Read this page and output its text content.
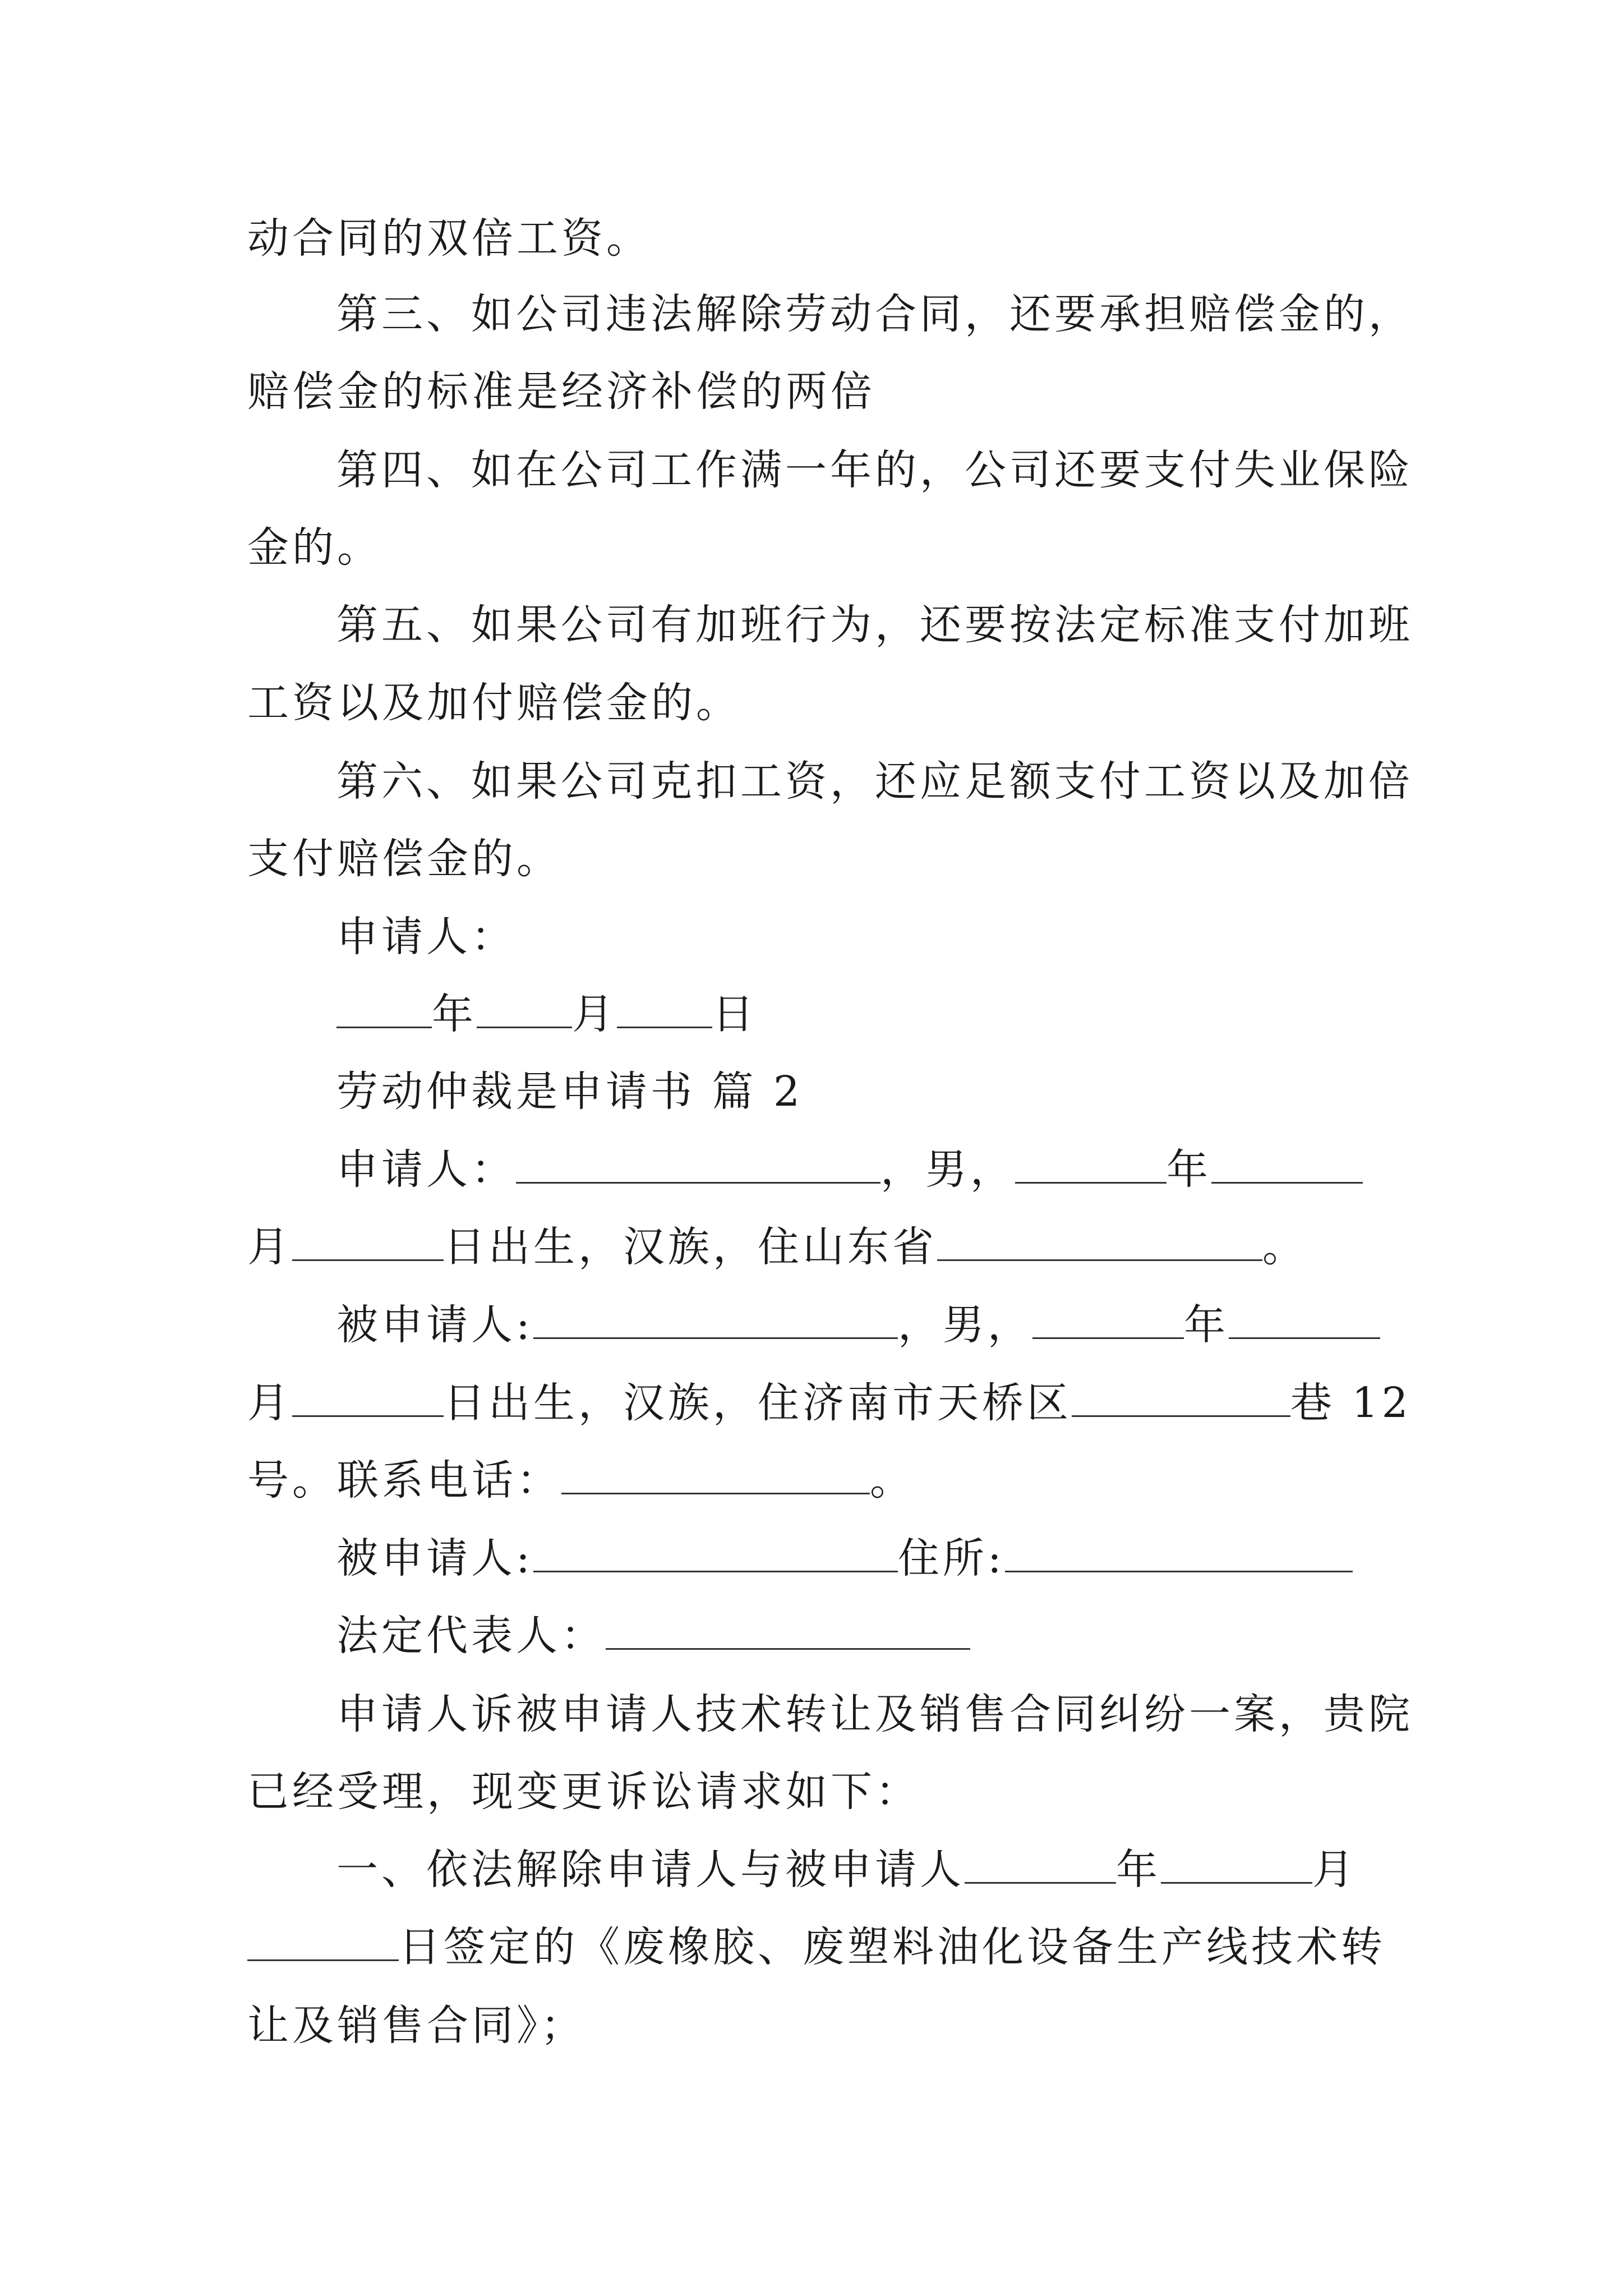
动合同的双倍工资。
第三、如公司违法解除劳动合同，还要承担赔偿金的，
赔偿金的标准是经济补偿的两倍
第四、如在公司工作满一年的，公司还要支付失业保险
金的。
第五、如果公司有加班行为，还要按法定标准支付加班
工资以及加付赔偿金的。
第六、如果公司克扣工资，还应足额支付工资以及加倍
支付赔偿金的。
申请人：
年 月 日
劳动仲裁是申请书 篇 2
申请人：	，男，	年
月	日出生，汉族，住山东省	。
被申请人:	，男，	年
月	日出生，汉族，住济南市天桥区	巷 12
号。联系电话：	。
被申请人:	住所:
法定代表人：
申请人诉被申请人技术转让及销售合同纠纷一案，贵院
已经受理，现变更诉讼请求如下：
一、依法解除申请人与被申请人	年	月
日签定的《废橡胶、废塑料油化设备生产线技术转
让及销售合同》；
